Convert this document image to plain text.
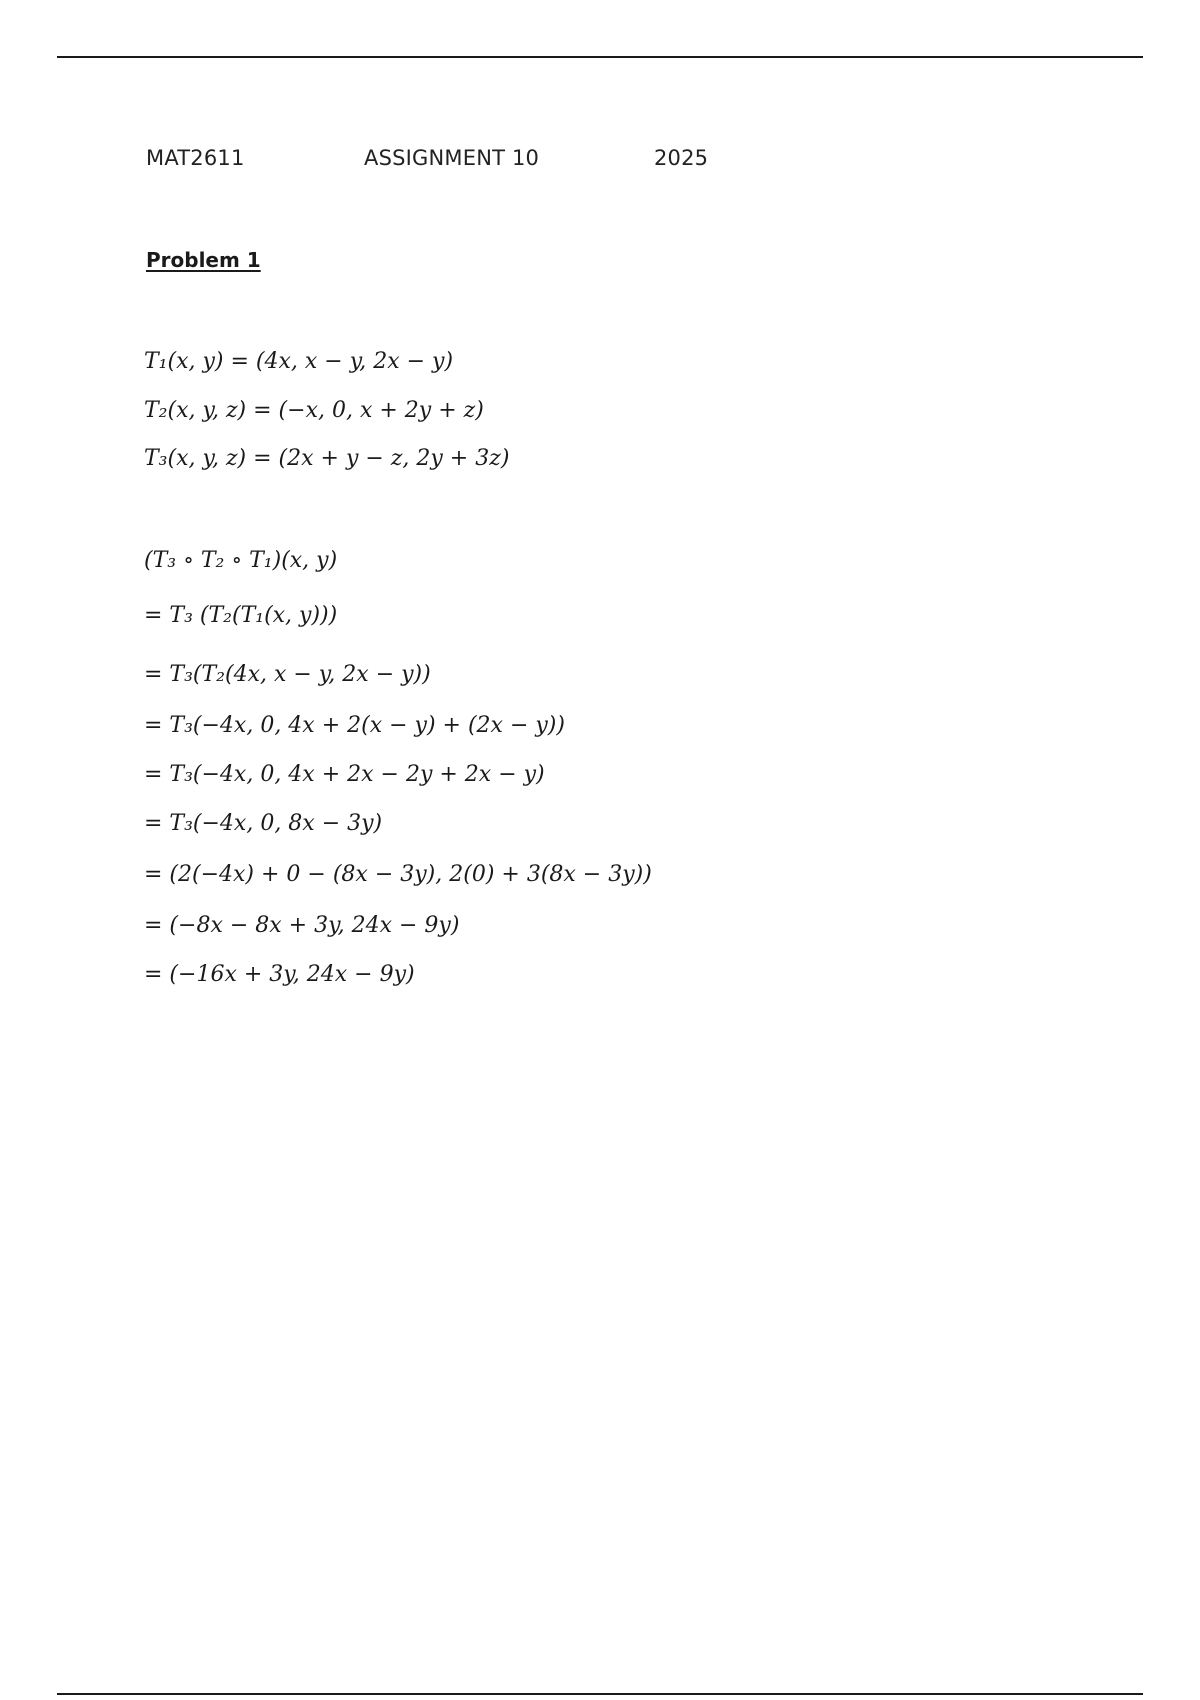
MAT2611	ASSIGNMENT 10	2025
Problem 1
T₁(x, y) = (4x, x − y, 2x − y)
T₂(x, y, z) = (−x, 0, x + 2y + z)
T₃(x, y, z) = (2x + y − z, 2y + 3z)
(T₃ ∘ T₂ ∘ T₁)(x, y)
= T₃ (T₂(T₁(x, y)))
= T₃(T₂(4x, x − y, 2x − y))
= T₃(−4x, 0, 4x + 2(x − y) + (2x − y))
= T₃(−4x, 0, 4x + 2x − 2y + 2x − y)
= T₃(−4x, 0, 8x − 3y)
= (2(−4x) + 0 − (8x − 3y), 2(0) + 3(8x − 3y))
= (−8x − 8x + 3y, 24x − 9y)
= (−16x + 3y, 24x − 9y)
